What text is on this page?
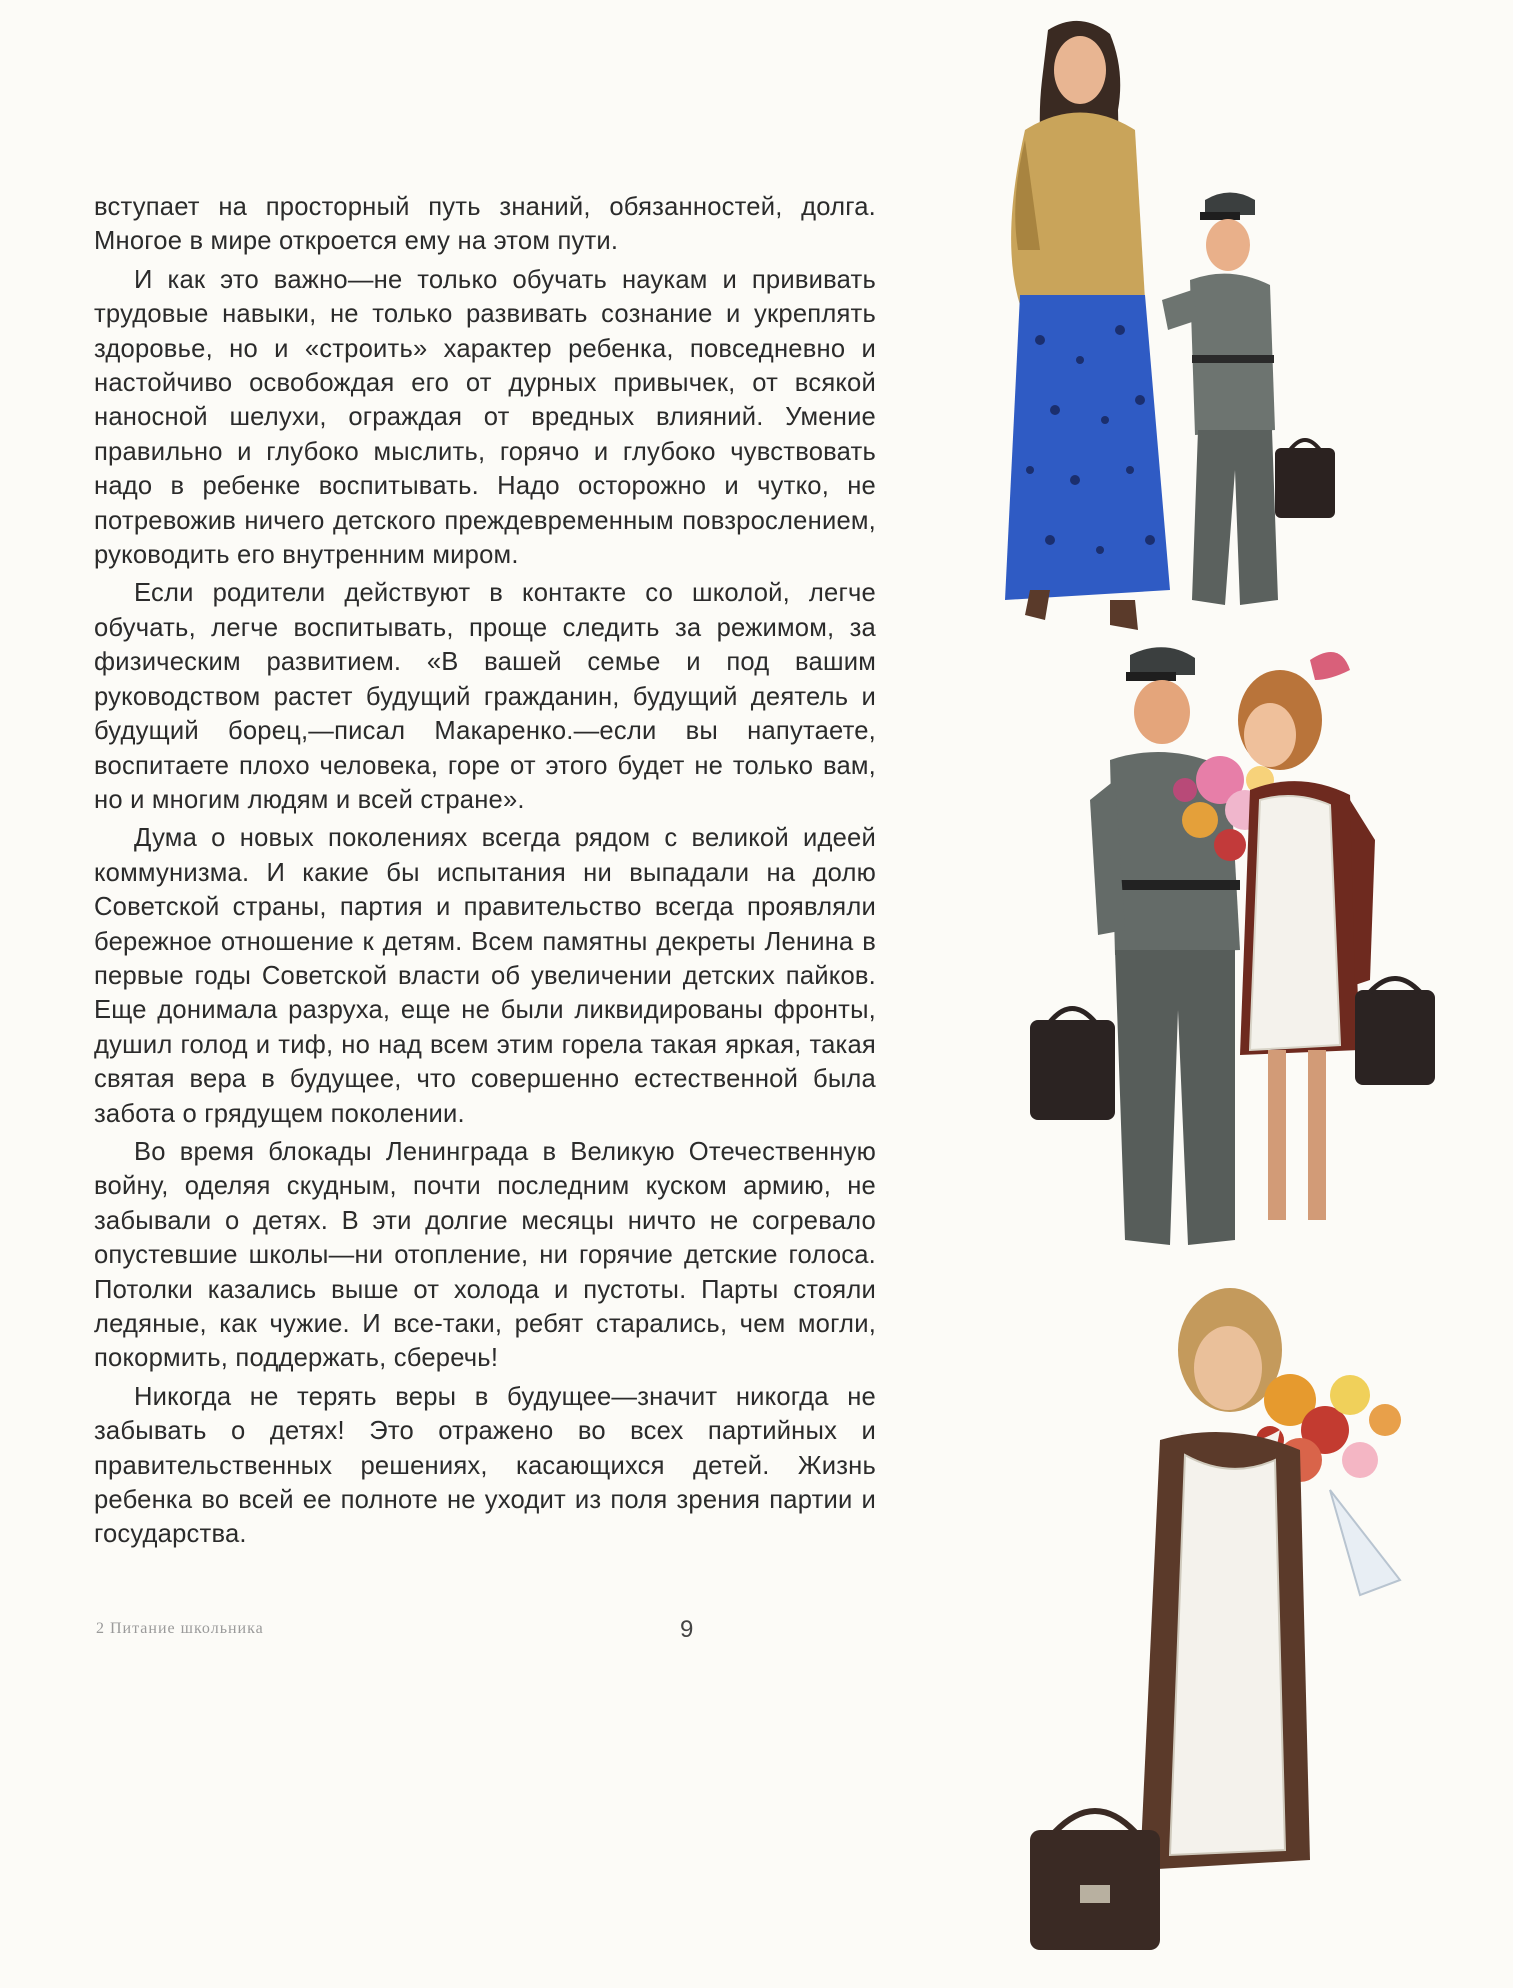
вступает на просторный путь знаний, обязанностей, долга. Многое в мире откроется ему на этом пути.

И как это важно—не только обучать наукам и прививать трудовые навыки, не только развивать сознание и укреплять здоровье, но и «строить» характер ребенка, повседневно и настойчиво освобождая его от дурных привычек, от всякой наносной шелухи, ограждая от вредных влияний. Умение правильно и глубоко мыслить, горячо и глубоко чувствовать надо в ребенке воспитывать. Надо осторожно и чутко, не потревожив ничего детского преждевременным повзрослением, руководить его внутренним миром.

Если родители действуют в контакте со школой, легче обучать, легче воспитывать, проще следить за режимом, за физическим развитием. «В вашей семье и под вашим руководством растет будущий гражданин, будущий деятель и будущий борец,—писал Макаренко.—если вы напутаете, воспитаете плохо человека, горе от этого будет не только вам, но и многим людям и всей стране».

Дума о новых поколениях всегда рядом с великой идеей коммунизма. И какие бы испытания ни выпадали на долю Советской страны, партия и правительство всегда проявляли бережное отношение к детям. Всем памятны декреты Ленина в первые годы Советской власти об увеличении детских пайков. Еще донимала разруха, еще не были ликвидированы фронты, душил голод и тиф, но над всем этим горела такая яркая, такая святая вера в будущее, что совершенно естественной была забота о грядущем поколении.

Во время блокады Ленинграда в Великую Отечественную войну, оделяя скудным, почти последним куском армию, не забывали о детях. В эти долгие месяцы ничто не согревало опустевшие школы—ни отопление, ни горячие детские голоса. Потолки казались выше от холода и пустоты. Парты стояли ледяные, как чужие. И все-таки, ребят старались, чем могли, покормить, поддержать, сберечь!

Никогда не терять веры в будущее—значит никогда не забывать о детях! Это отражено во всех партийных и правительственных решениях, касающихся детей. Жизнь ребенка во всей ее полноте не уходит из поля зрения партии и государства.

2 Питание школьника	9
